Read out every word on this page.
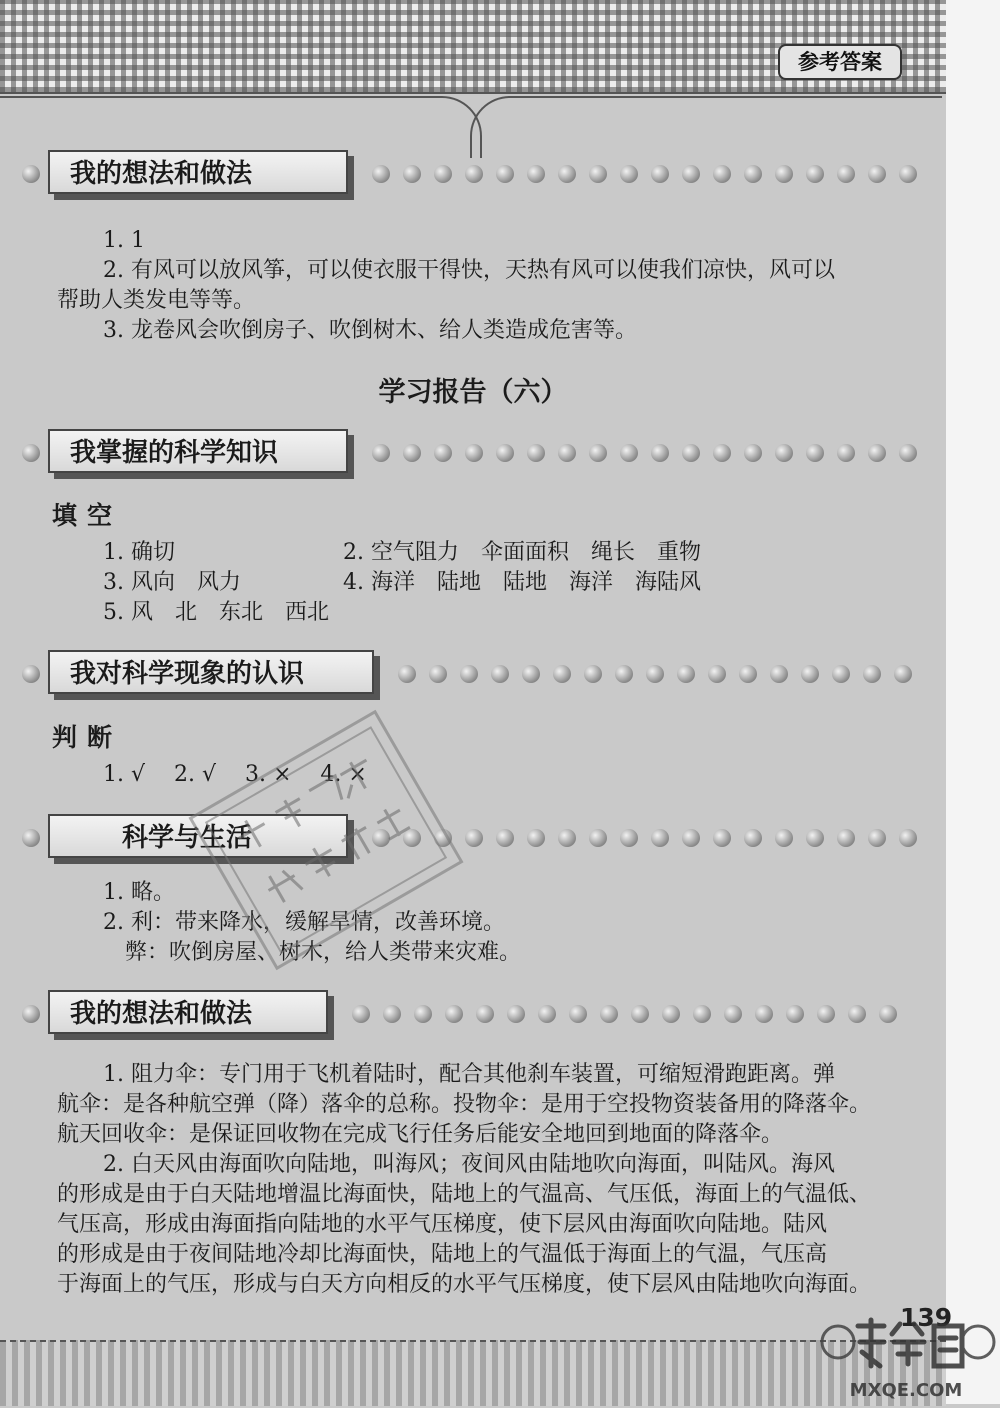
参考答案
我的想法和做法
1. 1
2. 有风可以放风筝，可以使衣服干得快，天热有风可以使我们凉快，风可以
帮助人类发电等等。
3. 龙卷风会吹倒房子、吹倒树木、给人类造成危害等。
学习报告（六）
我掌握的科学知识
填空
1. 确切	2. 空气阻力　伞面面积　绳长　重物
3. 风向　风力	4. 海洋　陆地　陆地　海洋　海陆风
5. 风　北　东北　西北
我对科学现象的认识
判断
1. √　 2. √　 3. ×　 4. ×
科学与生活
1. 略。
2. 利：带来降水，缓解旱情，改善环境。
弊：吹倒房屋、树木，给人类带来灾难。
我的想法和做法
1. 阻力伞：专门用于飞机着陆时，配合其他刹车装置，可缩短滑跑距离。弹
航伞：是各种航空弹（降）落伞的总称。投物伞：是用于空投物资装备用的降落伞。
航天回收伞：是保证回收物在完成飞行任务后能安全地回到地面的降落伞。
2. 白天风由海面吹向陆地，叫海风；夜间风由陆地吹向海面，叫陆风。海风
的形成是由于白天陆地增温比海面快，陆地上的气温高、气压低，海面上的气温低、
气压高，形成由海面指向陆地的水平气压梯度，使下层风由海面吹向陆地。陆风
的形成是由于夜间陆地冷却比海面快，陆地上的气温低于海面上的气温，气压高
于海面上的气压，形成与白天方向相反的水平气压梯度，使下层风由陆地吹向海面。
139
MXQE.COM
